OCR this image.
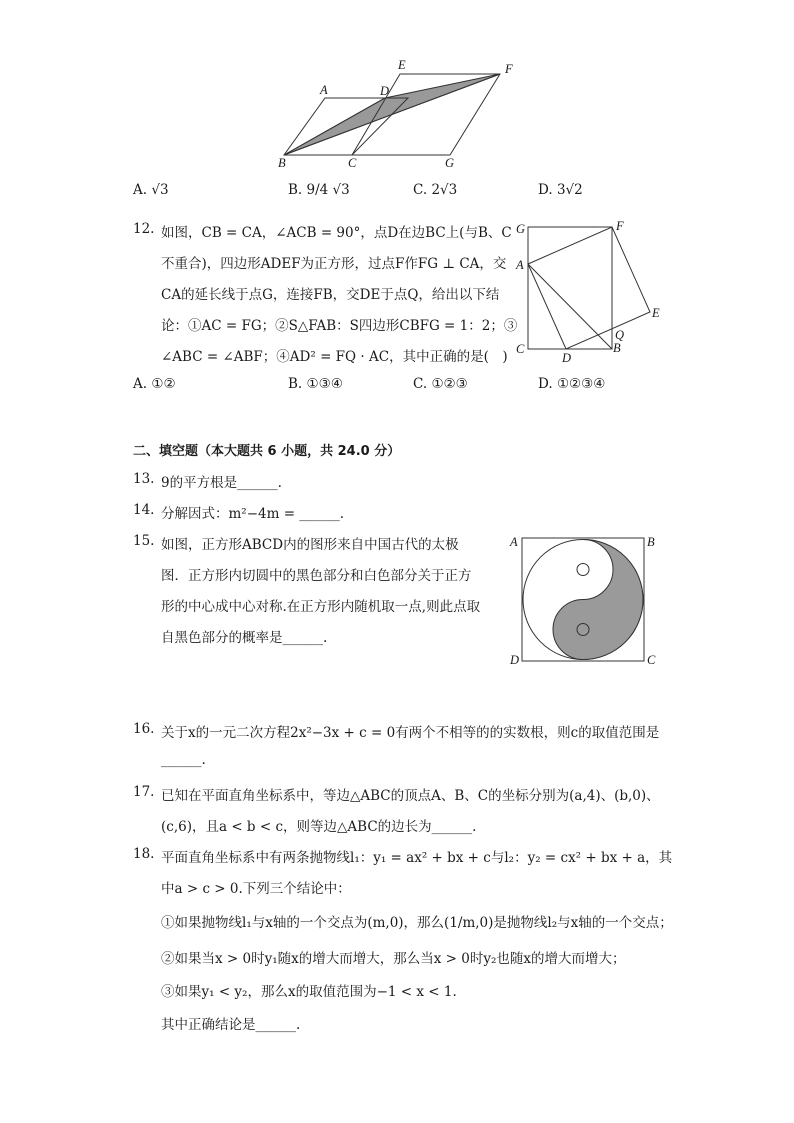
A
B	C
D
E	F
G
A. √3	B. 9/4 √3	C. 2√3	D. 3√2
12. 如图，CB = CA，∠ACB = 90°，点D在边BC上(与B、C
不重合)，四边形ADEF为正方形，过点F作FG ⊥ CA，交
CA的延长线于点G，连接FB，交DE于点Q，给出以下结
论：①AC = FG；②S△FAB：S四边形CBFG = 1：2；③
∠ABC = ∠ABF；④AD² = FQ · AC，其中正确的是(　)
G	F
A
E
C
D
Q
B
A. ①②	B. ①③④	C. ①②③	D. ①②③④
二、填空题（本大题共 6 小题，共 24.0 分）
13. 9的平方根是______.
14. 分解因式：m²−4m = ______.
15. 如图，正方形ABCD内的图形来自中国古代的太极
图．正方形内切圆中的黑色部分和白色部分关于正方
形的中心成中心对称.在正方形内随机取一点,则此点取
自黑色部分的概率是______.
A	B
D	C
16. 关于x的一元二次方程2x²−3x + c = 0有两个不相等的的实数根，则c的取值范围是
______.
17. 已知在平面直角坐标系中，等边△ABC的顶点A、B、C的坐标分别为(a,4)、(b,0)、
(c,6)，且a < b < c，则等边△ABC的边长为______.
18. 平面直角坐标系中有两条抛物线l₁：y₁ = ax² + bx + c与l₂：y₂ = cx² + bx + a，其
中a > c > 0.下列三个结论中：
①如果抛物线l₁与x轴的一个交点为(m,0)，那么(1/m,0)是抛物线l₂与x轴的一个交点；
②如果当x > 0时y₁随x的增大而增大，那么当x > 0时y₂也随x的增大而增大；
③如果y₁ < y₂，那么x的取值范围为−1 < x < 1.
其中正确结论是______.
